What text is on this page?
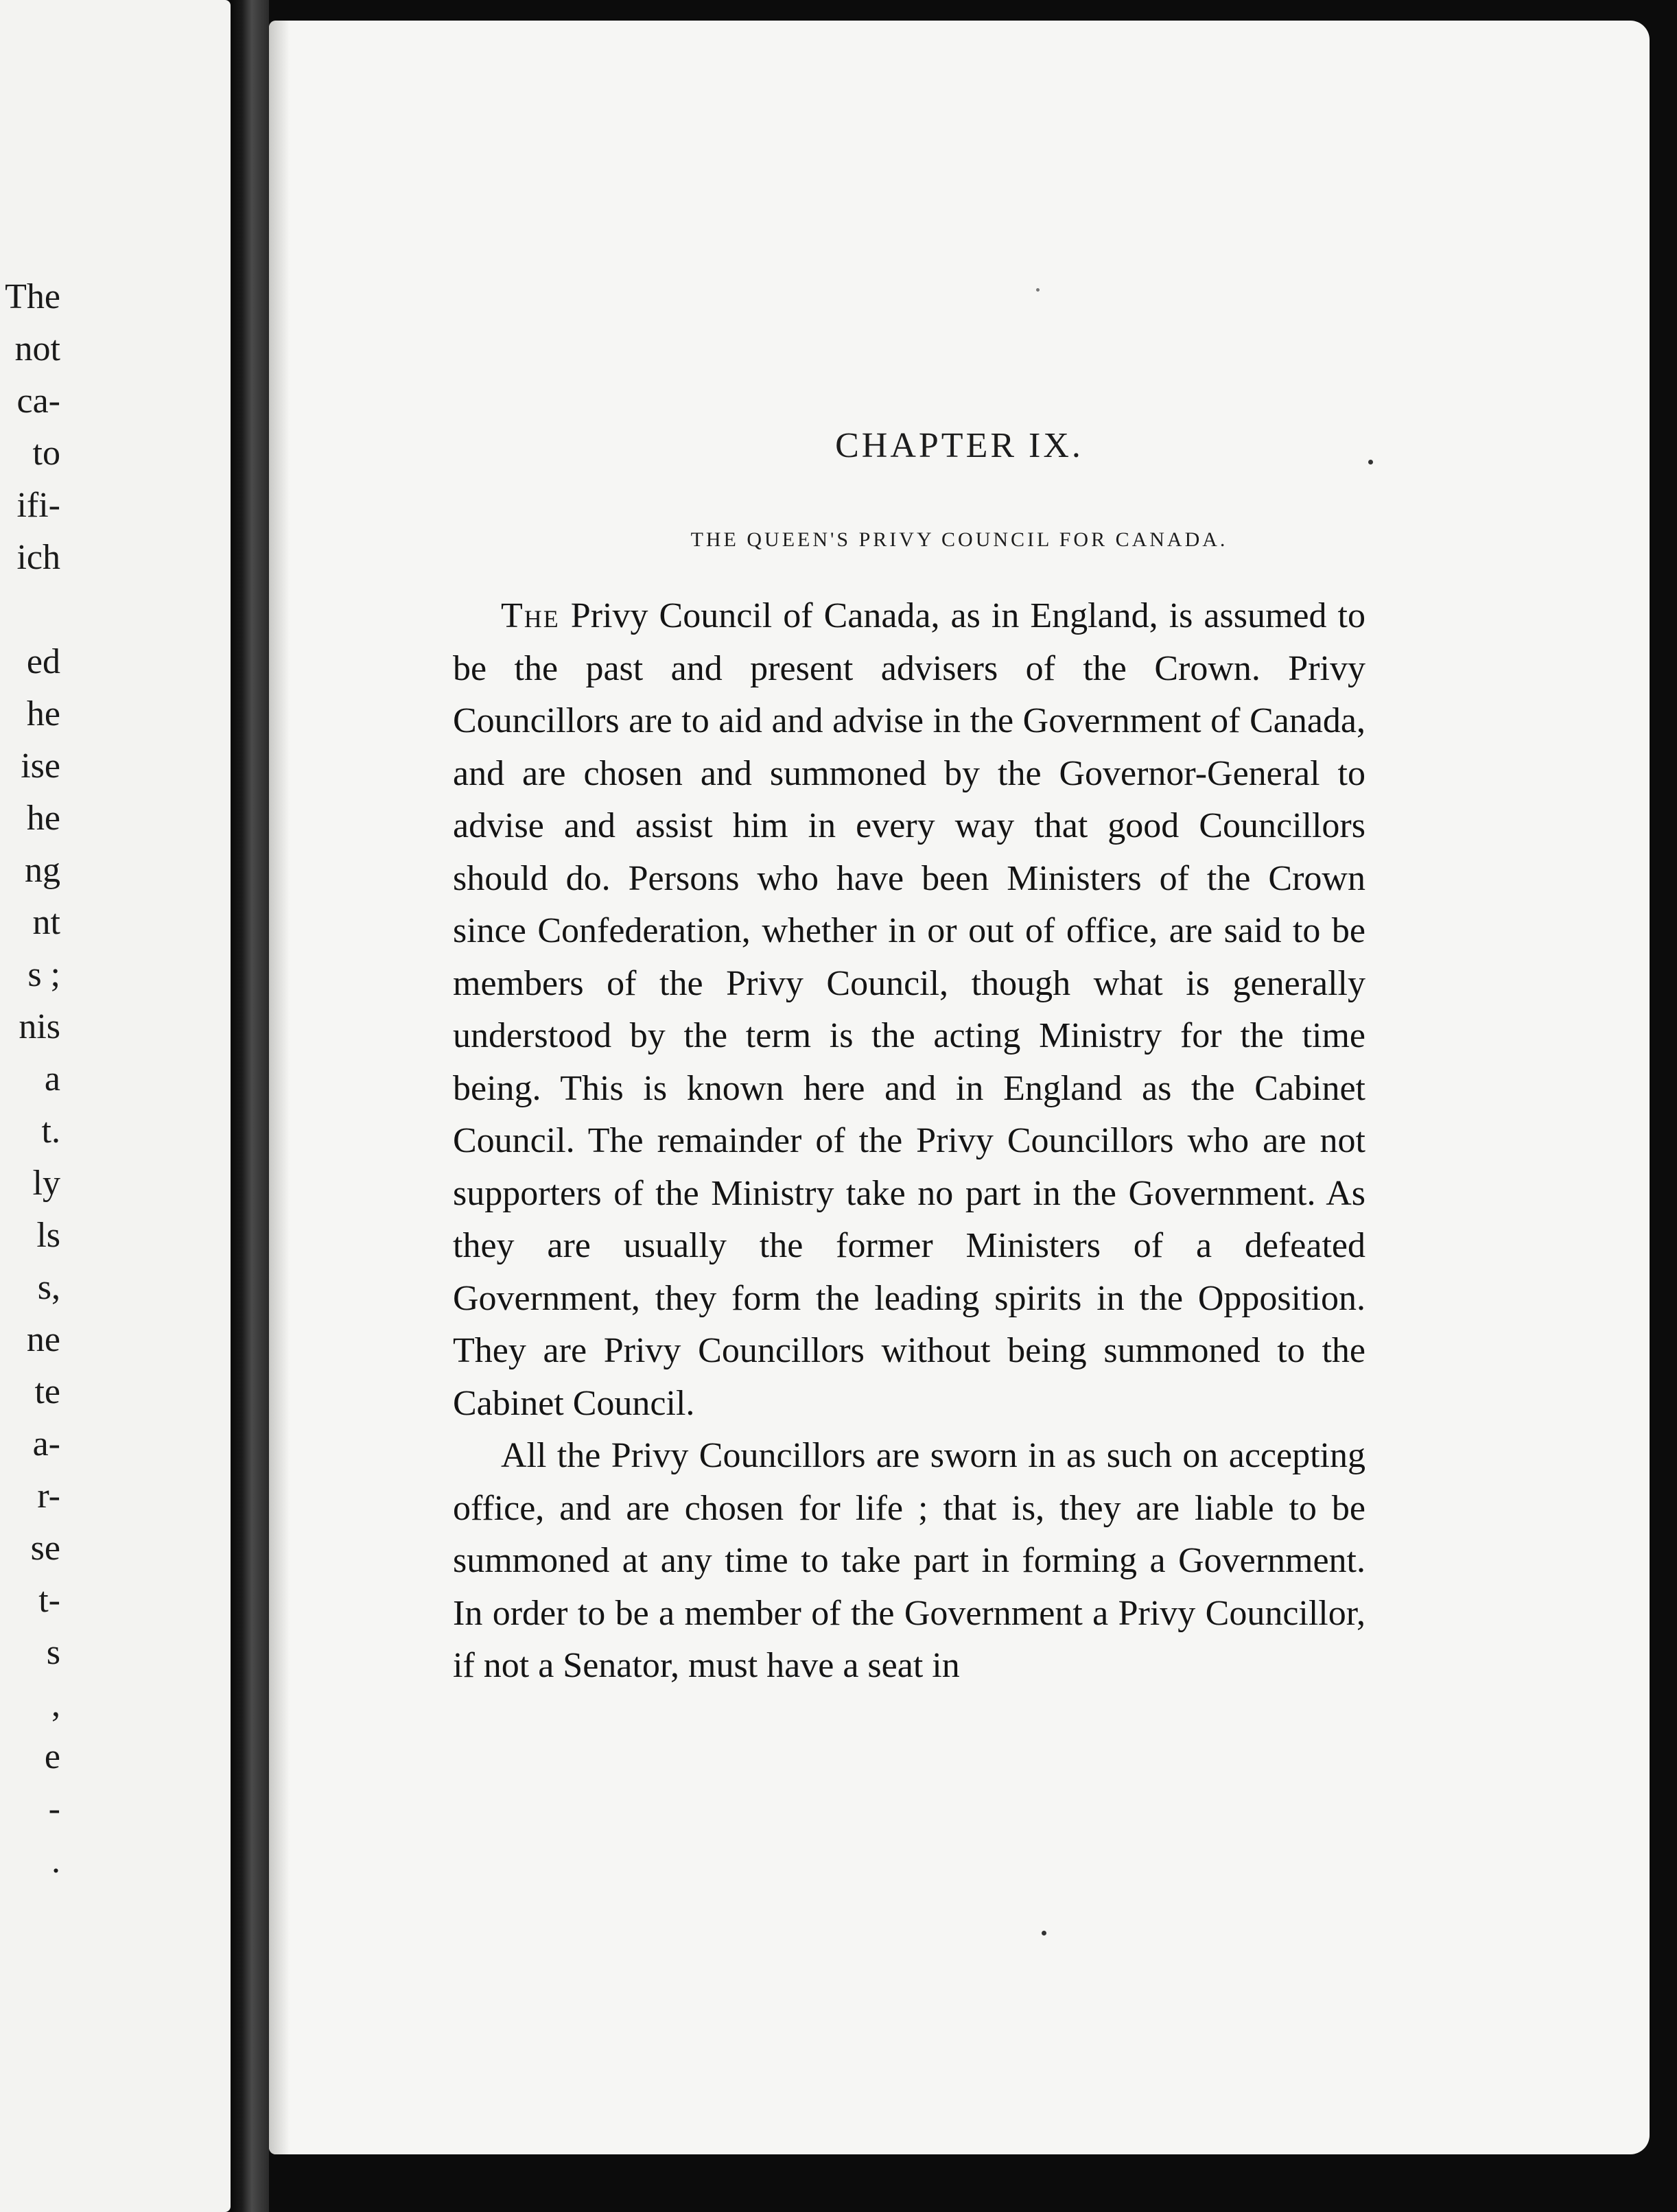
The
not
ca-
to
ifi-
ich

ed
he
ise
he
ng
nt
s ;
nis
a
t.
ly
ls
s,
ne
te
a-
r-
se
t-
s
,
e
-
.
CHAPTER IX.
THE QUEEN'S PRIVY COUNCIL FOR CANADA.

The Privy Council of Canada, as in England, is assumed to be the past and present advisers of the Crown. Privy Councillors are to aid and advise in the Government of Canada, and are chosen and summoned by the Governor-General to advise and assist him in every way that good Councillors should do. Persons who have been Ministers of the Crown since Confederation, whether in or out of office, are said to be members of the Privy Council, though what is generally understood by the term is the acting Ministry for the time being. This is known here and in England as the Cabinet Council. The remainder of the Privy Councillors who are not supporters of the Ministry take no part in the Government. As they are usually the former Ministers of a defeated Government, they form the leading spirits in the Opposition. They are Privy Councillors without being summoned to the Cabinet Council.

All the Privy Councillors are sworn in as such on accepting office, and are chosen for life ; that is, they are liable to be summoned at any time to take part in forming a Government. In order to be a member of the Government a Privy Councillor, if not a Senator, must have a seat in
